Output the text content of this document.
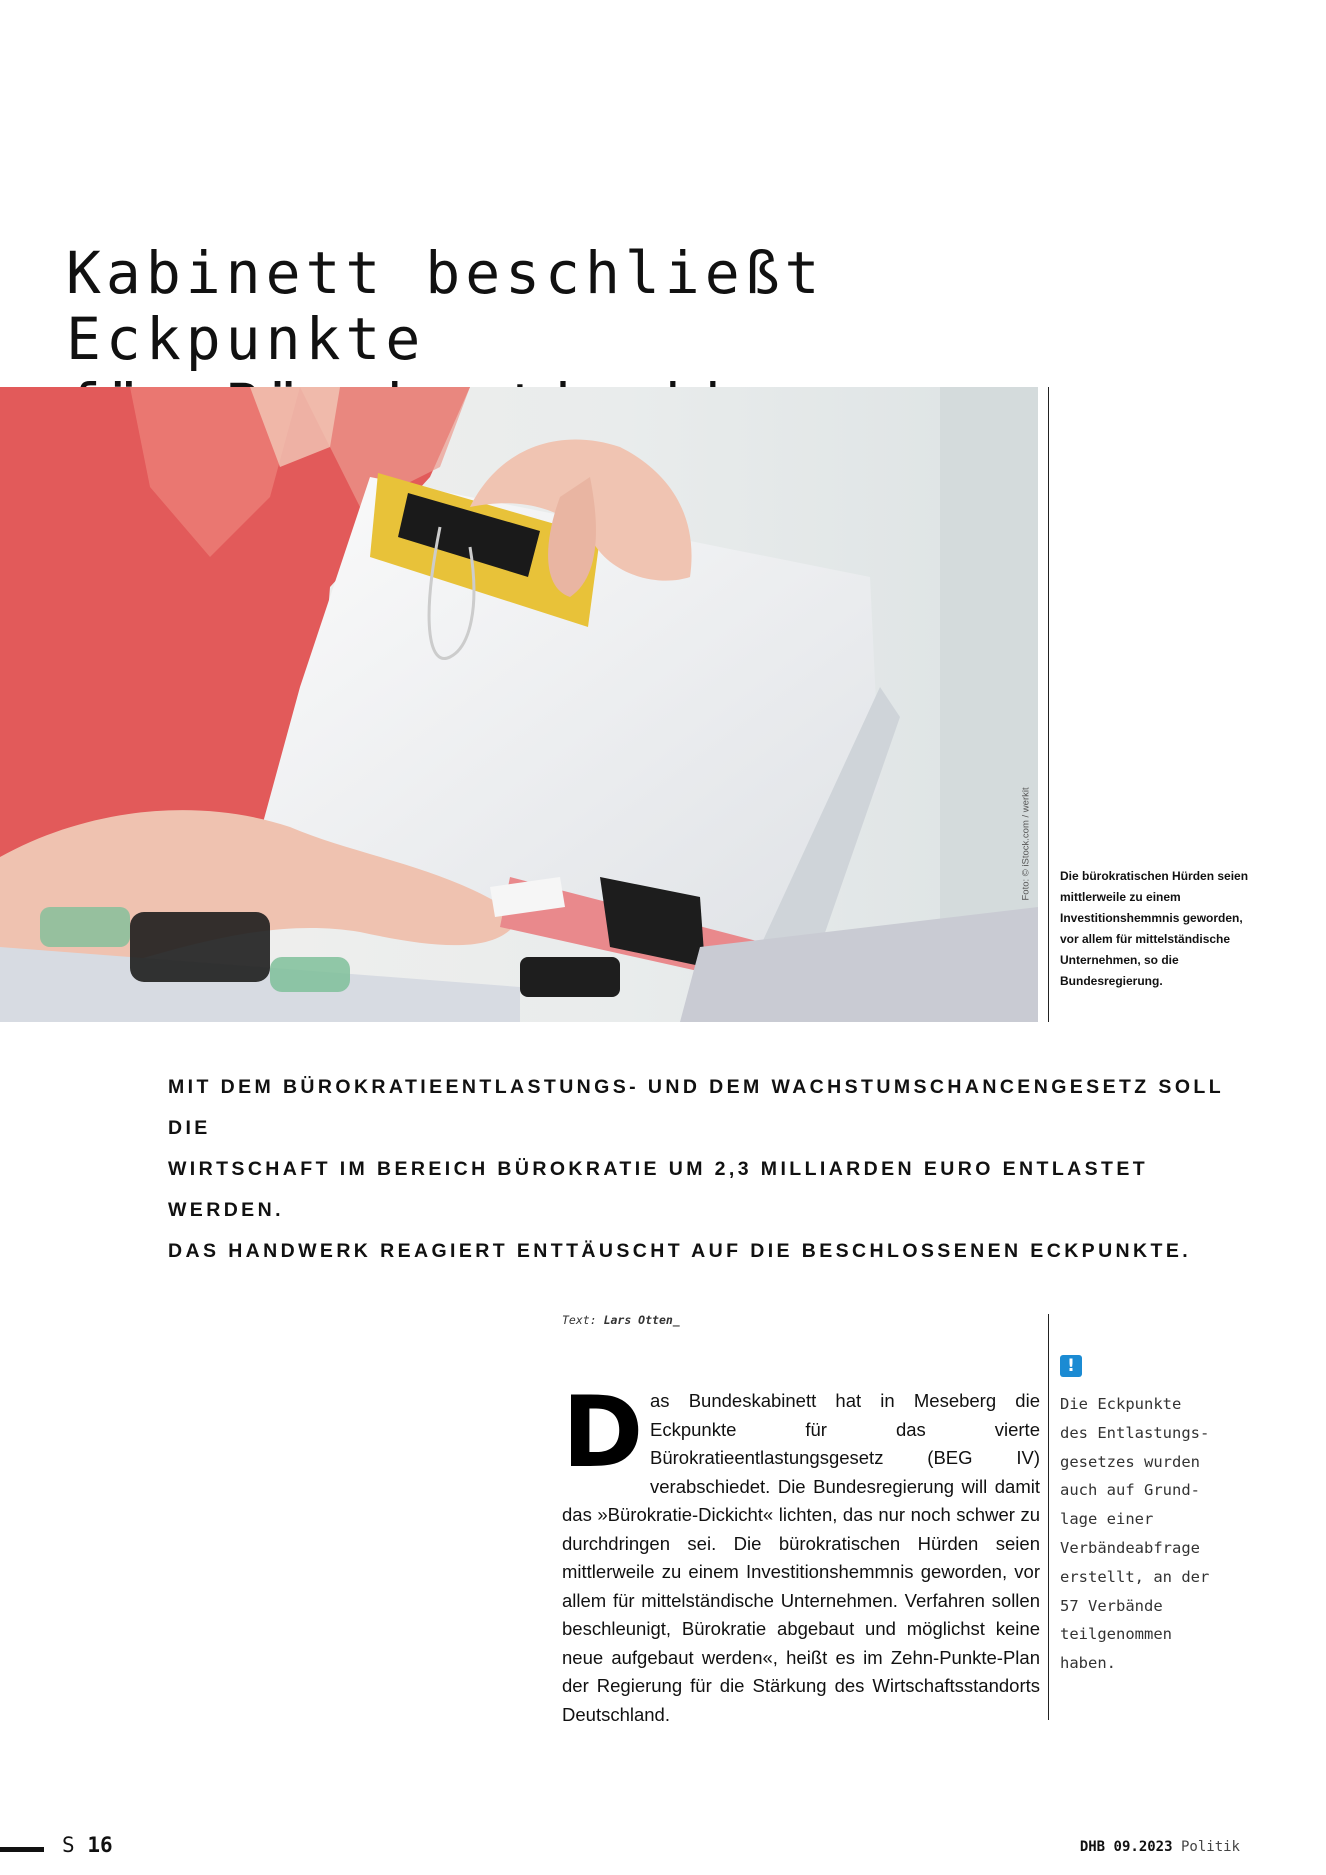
Kabinett beschließt Eckpunkte

Foto: © iStock.com / werkit Die bürokratischen Hürden seien mittlerweile zu einem Investitionshemmnis geworden, vor allem für mittelständische Unternehmen, so die Bundesregierung.

MIT DEM BÜROKRATIEENTLASTUNGS- UND DEM WACHSTUMSCHANCENGESETZ SOLL DIE
WIRTSCHAFT IM BEREICH BÜROKRATIE UM 2,3 MILLIARDEN EURO ENTLASTET WERDEN.
DAS HANDWERK REAGIERT ENTTÄUSCHT AUF DIE BESCHLOSSENEN ECKPUNKTE.

Text: Lars Otten_

Das Bundeskabinett hat in Meseberg die Eckpunkte für das vierte Bürokratieentlastungsgesetz (BEG IV) verabschiedet. Die Bundesregierung will damit das »Bürokratie-Dickicht« lichten, das nur noch schwer zu durchdringen sei. Die bürokratischen Hürden seien mittlerweile zu einem Investitionshemmnis geworden, vor allem für mittelständische Unternehmen. Verfahren sollen beschleunigt, Bürokratie abgebaut und möglichst keine neue aufgebaut werden«, heißt es im Zehn-Punkte-Plan der Regierung für die Stärkung des Wirtschaftsstandorts Deutschland.

!
Die Eckpunkte
des Entlastungs-
gesetzes wurden
auch auf Grund-
lage einer
Verbändeabfrage
erstellt, an der
57 Verbände
teilgenommen
haben.
S 16	DHB 09.2023 Politik
